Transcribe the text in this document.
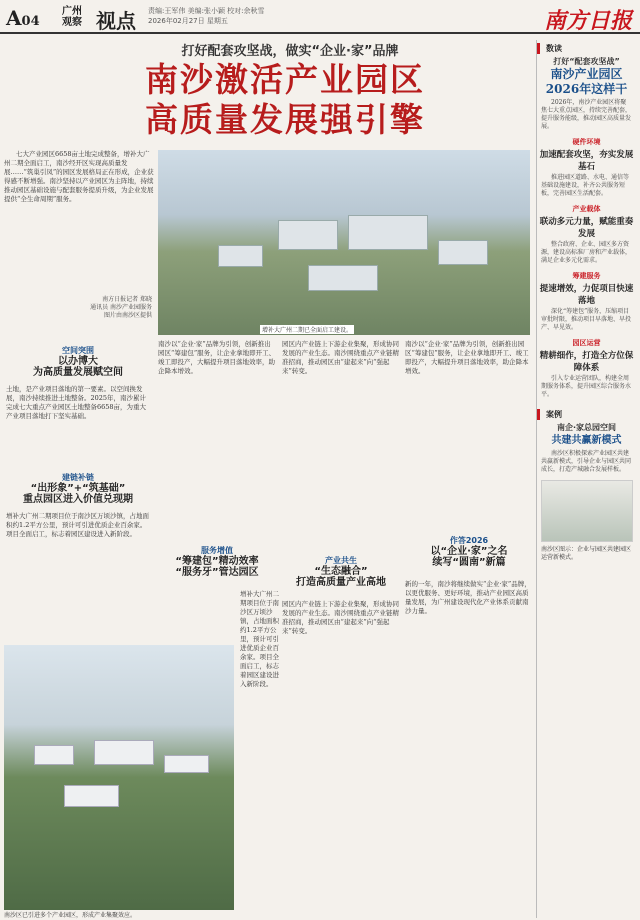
A04
广州观察 视点 责编:王军伟 美编:张小颖 校对:余秋雪
2026年02月27日 星期五	南方日报
打好配套攻坚战，做实“企业·家”品牌
南沙激活产业园区
高质量发展强引擎
七大产业园区6658亩土地完成整备，增补大广州二期全面启工，南沙经开区实现高质量发展……“筑巢引凤”的园区发展格局正在形成，企业获得感不断增强。南沙坚持以产业园区为主阵地，持续推动园区基础设施与配套服务提质升级，为企业发展提供“全生命周期”服务。
南方日报记者 郑晓
通讯员 南沙产业园服务
图片由南沙区提供
增补大广州二期已全面启工建设。
空间突围
以办博大
为高质量发展赋空间
土地，是产业项目落地的第一要素。以空间换发展，南沙持续推进土地整备。2025年，南沙累计完成七大重点产业园区土地整备6658亩，为重大产业项目落地打下坚实基础。
建链补链
“出形象”+“筑基础”
重点园区进入价值兑现期
增补大广州二期项目位于南沙区万顷沙镇，占地面积约1.2平方公里，预计可引进优质企业百余家。项目全面启工，标志着园区建设进入新阶段。
南沙以“企业·家”品牌为引领，创新推出园区“筹建包”服务，让企业拿地即开工、竣工即投产，大幅提升项目落地效率，助企降本增效。
服务增值
“筹建包”精动效率
“服务牙”管达园区
增补大广州二期项目位于南沙区万顷沙镇，占地面积约1.2平方公里，预计可引进优质企业百余家。项目全面启工，标志着园区建设进入新阶段。
园区内产业链上下游企业集聚，形成协同发展的产业生态。南沙围绕重点产业链精准招商，推动园区由“建起来”向“强起来”转变。
产业共生
“生态融合”
打造高质量产业高地
园区内产业链上下游企业集聚，形成协同发展的产业生态。南沙围绕重点产业链精准招商，推动园区由“建起来”向“强起来”转变。
南沙以“企业·家”品牌为引领，创新推出园区“筹建包”服务，让企业拿地即开工、竣工即投产，大幅提升项目落地效率，助企降本增效。
作答2026
以“企业·家”之名
续写“圆南”新篇
新的一年，南沙将继续做实“企业·家”品牌，以更优服务、更好环境，推动产业园区高质量发展，为广州建设现代化产业体系贡献南沙力量。
南沙区已引进多个产业园区，形成产业集聚效应。
数读
打好“配套攻坚战”
南沙产业园区
2026年这样干
2026年，南沙产业园区将聚焦七大重点园区，持续完善配套，提升服务能级，推动园区高质量发展。
硬件环境
加速配套攻坚，夯实发展基石
推进园区道路、水电、通信等基础设施建设，补齐公共服务短板，完善园区生活配套。
产业载体
联动多元力量，赋能重奏发展
整合政府、企业、园区多方资源，建设高标准厂房和产业载体，满足企业多元化需求。
筹建服务
提速增效，力促项目快速落地
深化“筹建包”服务，压缩项目审批时限，推动项目早落地、早投产、早见效。
园区运营
精耕细作，打造全方位保障体系
引入专业运营团队，构建全周期服务体系，提升园区综合服务水平。
案例
南企·家总园空间
共建共赢新模式
南沙区积极探索产业园区共建共赢新模式，引导企业与园区共同成长，打造产城融合发展样板。
南沙区图示：企业与园区共建园区运营新模式。
